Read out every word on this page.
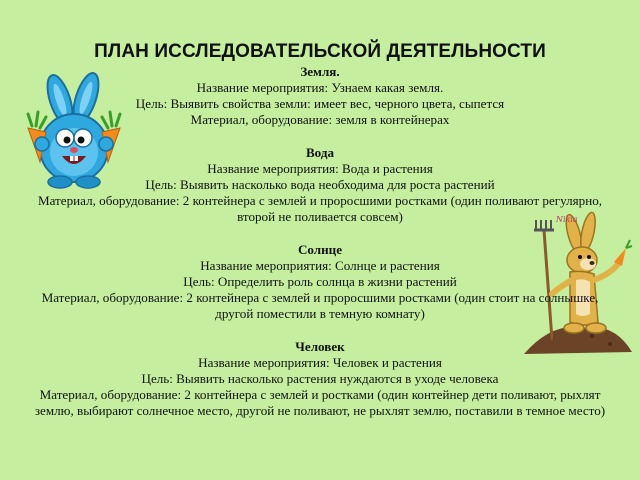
Nikia
ПЛАН ИССЛЕДОВАТЕЛЬСКОЙ ДЕЯТЕЛЬНОСТИ

Земля.

Название мероприятия: Узнаем какая земля.

Цель: Выявить свойства земли: имеет вес, черного цвета, сыпется

Материал, оборудование: земля в контейнерах

Вода

Название мероприятия: Вода и растения

Цель: Выявить насколько вода необходима для роста растений

Материал, оборудование: 2 контейнера с землей и проросшими ростками (один поливают регулярно, второй не поливается совсем)

Солнце

Название мероприятия: Солнце и растения

Цель: Определить роль солнца в жизни растений

Материал, оборудование: 2 контейнера с землей и проросшими ростками (один стоит на солнышке, другой поместили в темную комнату)

Человек

Название мероприятия: Человек и растения

Цель: Выявить насколько растения нуждаются в уходе человека

Материал, оборудование: 2 контейнера с землей и ростками (один контейнер дети поливают, рыхлят землю, выбирают солнечное место, другой не поливают, не рыхлят землю, поставили в темное место)
